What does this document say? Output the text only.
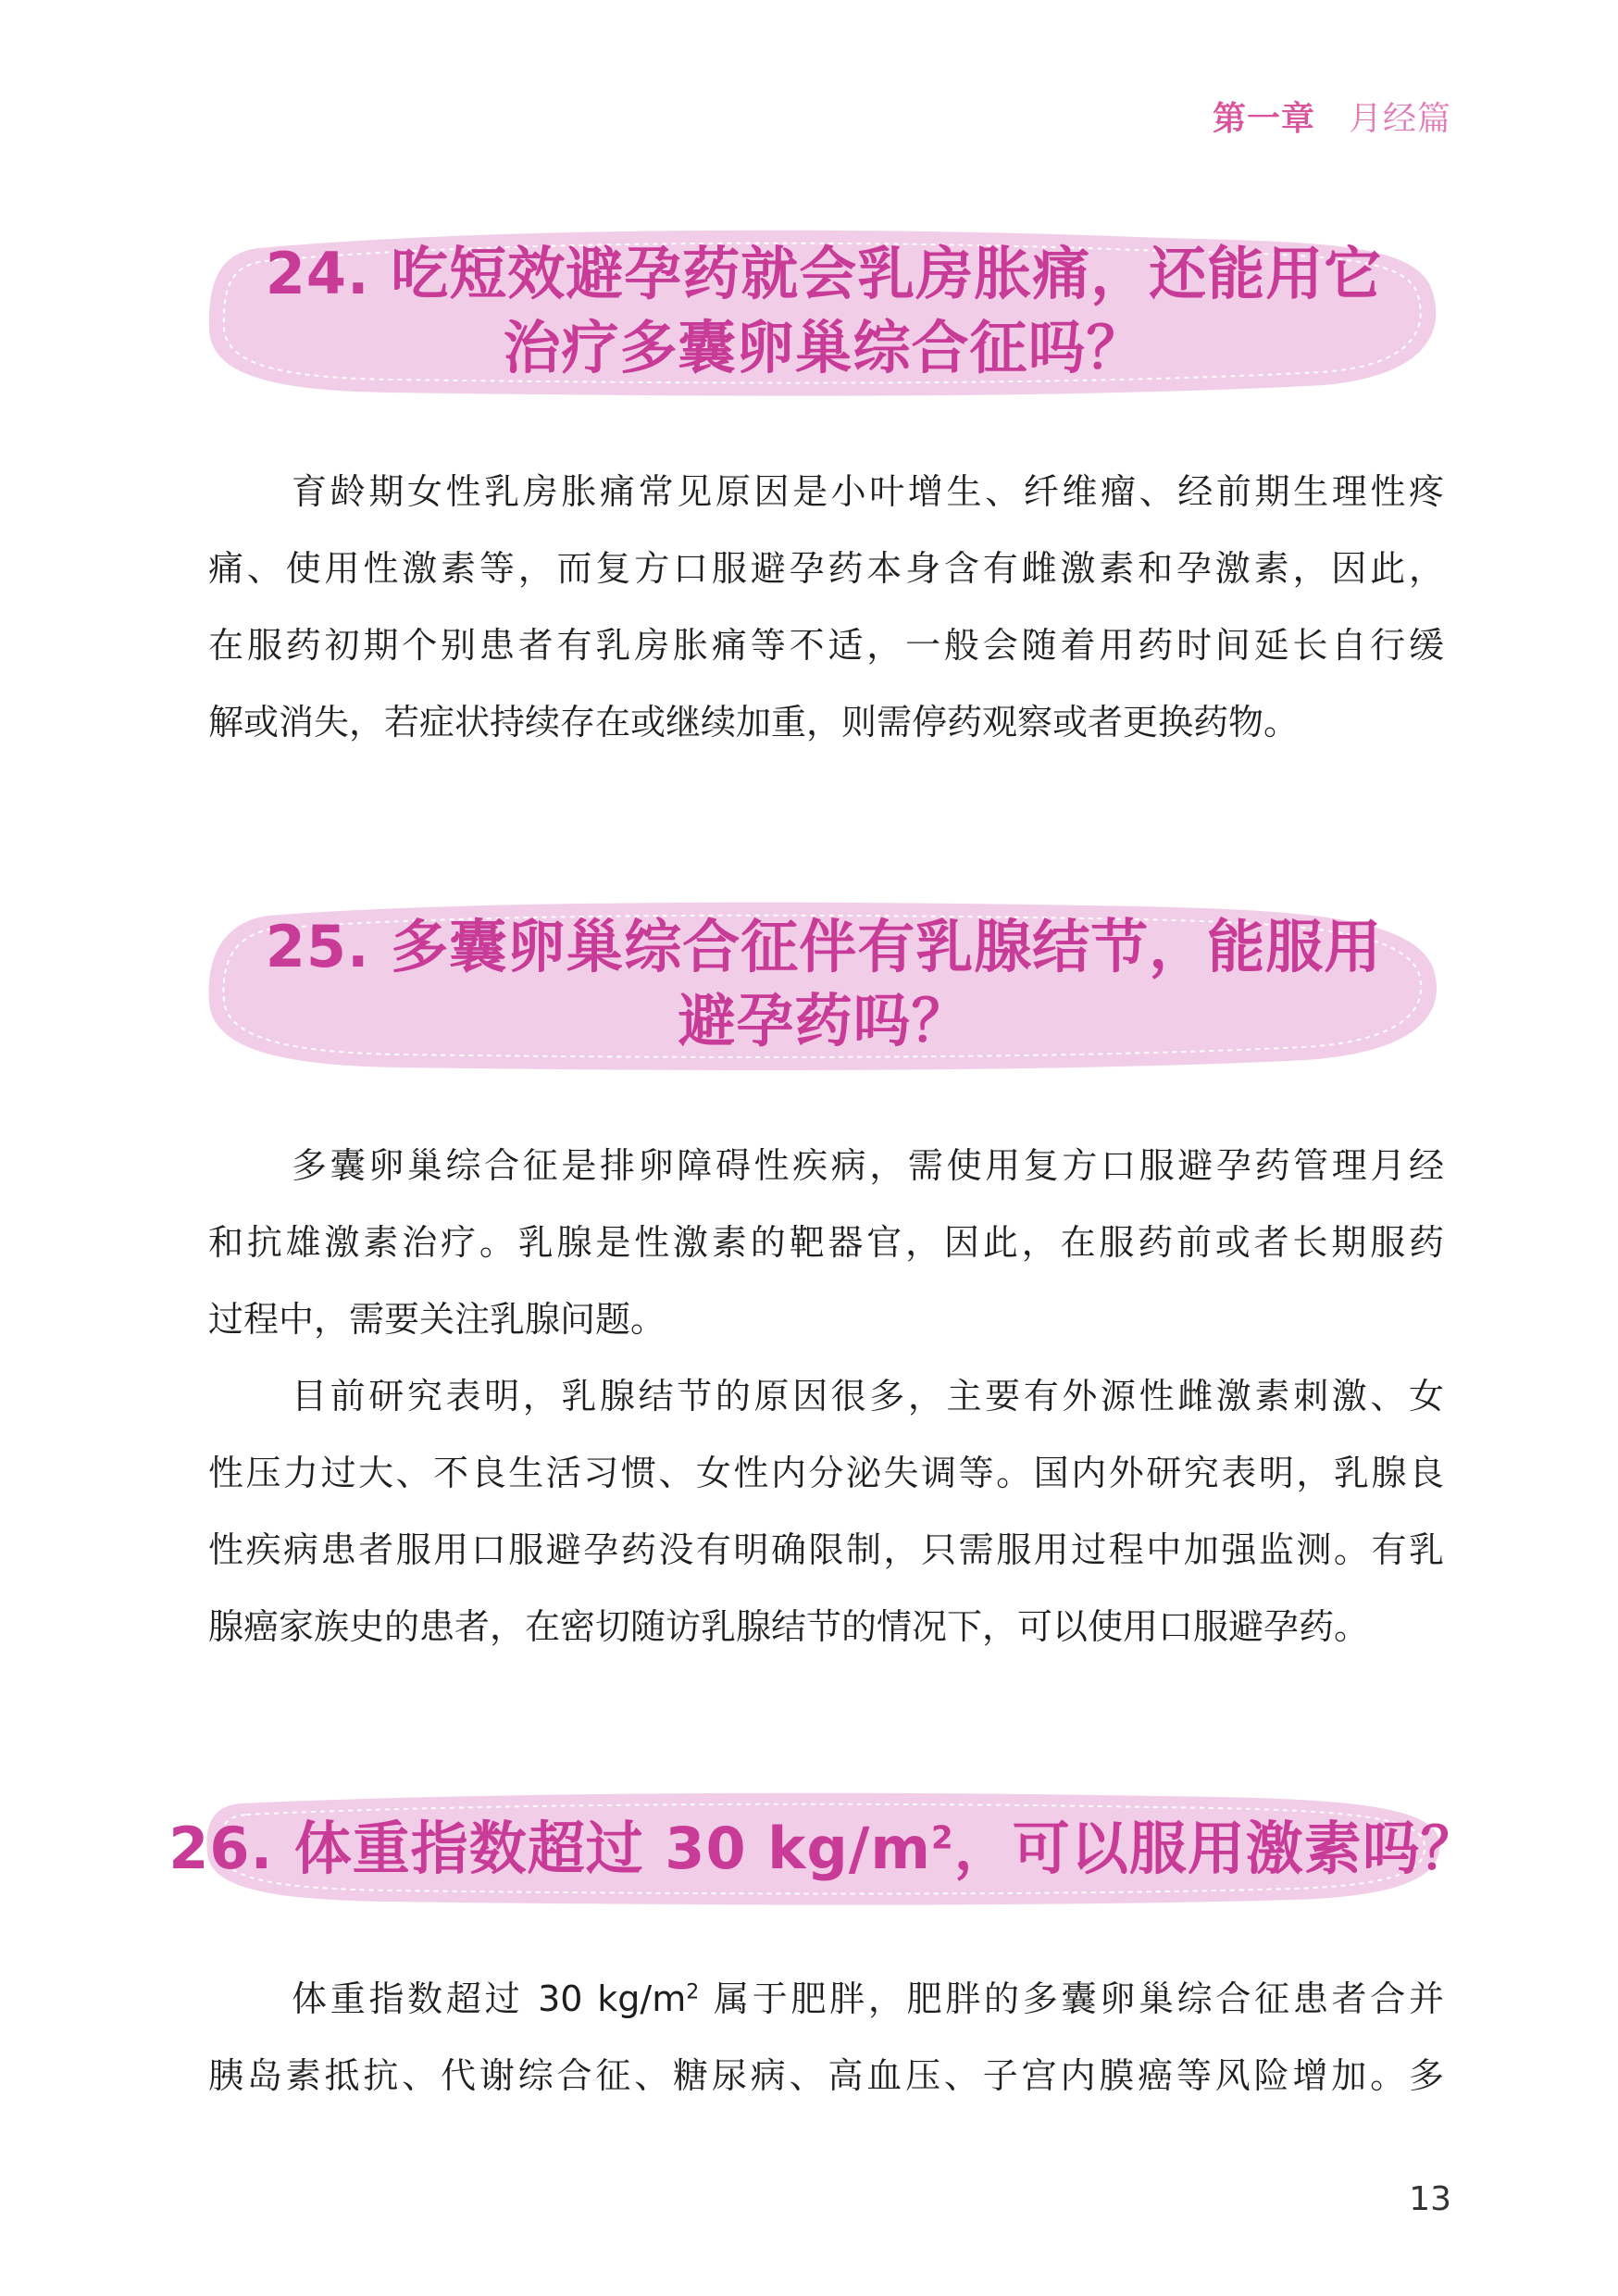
第一章 月经篇
24. 吃短效避孕药就会乳房胀痛，还能用它
治疗多囊卵巢综合征吗？

育龄期女性乳房胀痛常见原因是小叶增生、纤维瘤、经前期生理性疼
痛、使用性激素等，而复方口服避孕药本身含有雌激素和孕激素，因此，
在服药初期个别患者有乳房胀痛等不适，一般会随着用药时间延长自行缓
解或消失，若症状持续存在或继续加重，则需停药观察或者更换药物。

25. 多囊卵巢综合征伴有乳腺结节，能服用
避孕药吗？

多囊卵巢综合征是排卵障碍性疾病，需使用复方口服避孕药管理月经
和抗雄激素治疗。乳腺是性激素的靶器官，因此，在服药前或者长期服药
过程中，需要关注乳腺问题。

目前研究表明，乳腺结节的原因很多，主要有外源性雌激素刺激、女
性压力过大、不良生活习惯、女性内分泌失调等。国内外研究表明，乳腺良
性疾病患者服用口服避孕药没有明确限制，只需服用过程中加强监测。有乳
腺癌家族史的患者，在密切随访乳腺结节的情况下，可以使用口服避孕药。

26. 体重指数超过 30 $kg/m^2$，可以服用激素吗？

体重指数超过 30 $kg/m^2$ 属于肥胖，肥胖的多囊卵巢综合征患者合并
胰岛素抵抗、代谢综合征、糖尿病、高血压、子宫内膜癌等风险增加。多

13
